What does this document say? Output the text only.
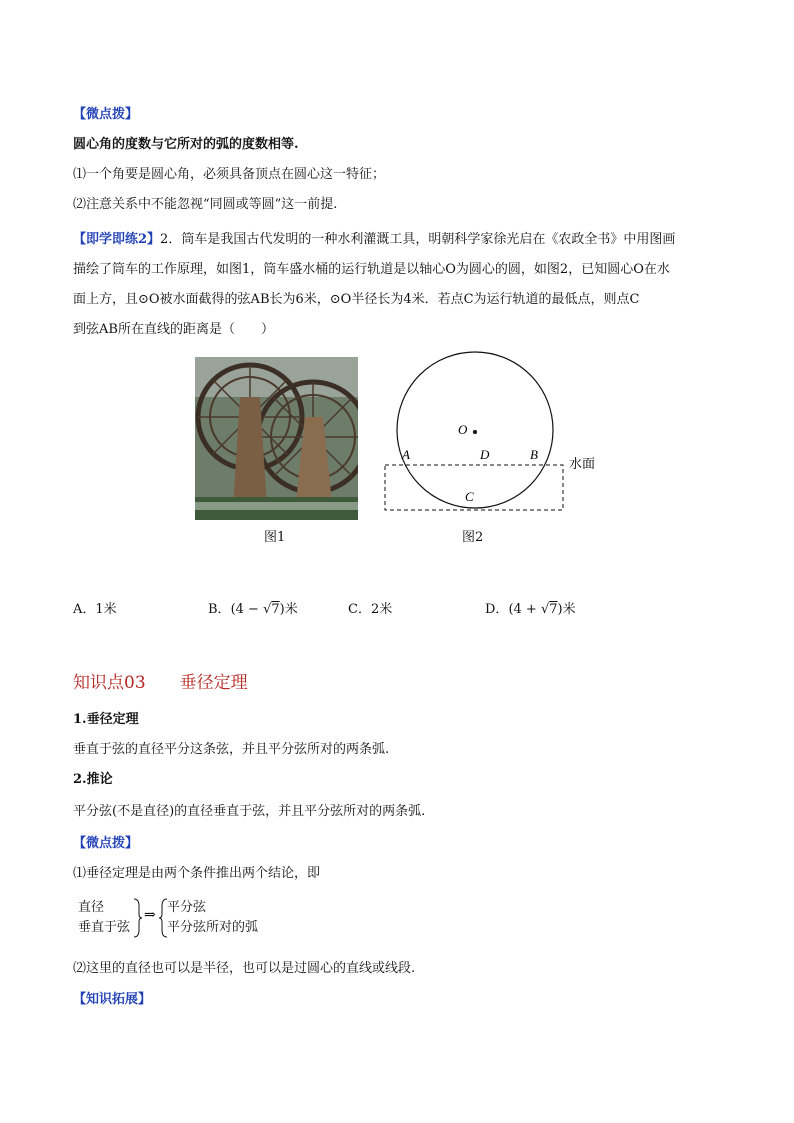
【微点拨】
圆心角的度数与它所对的弧的度数相等.
⑴一个角要是圆心角，必须具备顶点在圆心这一特征；
⑵注意关系中不能忽视“同圆或等圆”这一前提.
【即学即练2】2．筒车是我国古代发明的一种水利灌溉工具，明朝科学家徐光启在《农政全书》中用图画
描绘了筒车的工作原理，如图1，筒车盛水桶的运行轨道是以轴心O为圆心的圆，如图2，已知圆心O在水
面上方，且⊙O被水面截得的弦AB长为6米，⊙O半径长为4米．若点C为运行轨道的最低点，则点C
到弦AB所在直线的距离是（　　）
图1
O
A	D	B
C
水面
图2
A．1米	B．(4 − √7)米	C．2米	D．(4 + √7)米
知识点03　　垂径定理
1.垂径定理
垂直于弦的直径平分这条弦，并且平分弦所对的两条弧.
2.推论
平分弦(不是直径)的直径垂直于弦，并且平分弦所对的两条弧.
【微点拨】
⑴垂径定理是由两个条件推出两个结论，即
直径
垂直于弦
⇒ 平分弦
平分弦所对的弧
⑵这里的直径也可以是半径，也可以是过圆心的直线或线段.
【知识拓展】
